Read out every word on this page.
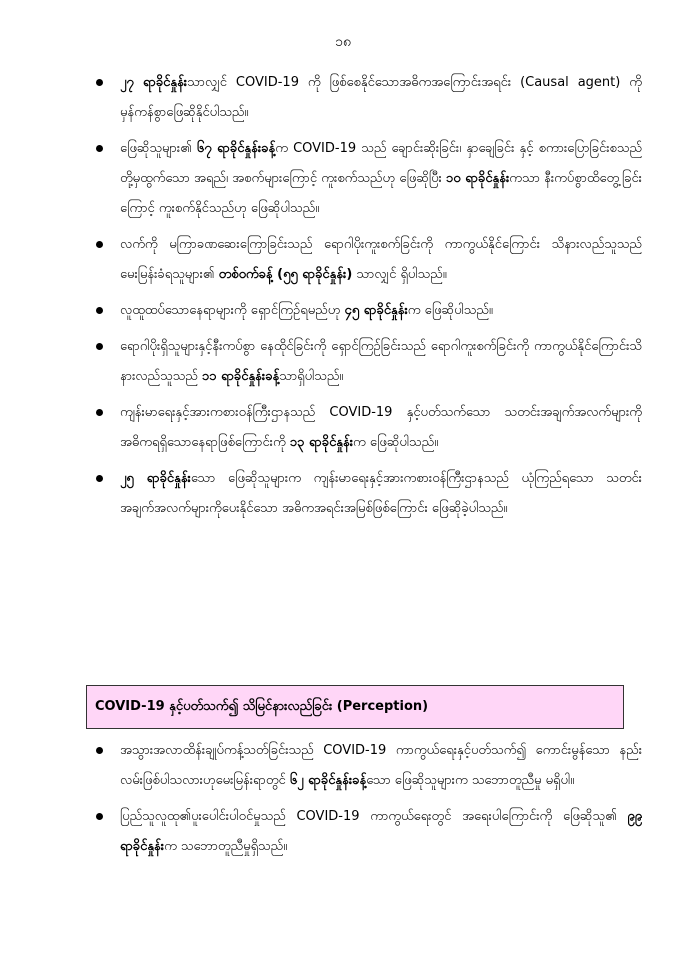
၁၈
၂၇ ရာခိုင်နှုန်းသာလျှင် COVID-19 ကို ဖြစ်စေနိုင်သောအဓိကအကြောင်းအရင်း (Causal agent) ကို မှန်ကန်စွာဖြေဆိုနိုင်ပါသည်။
ဖြေဆိုသူများ၏ ၆၇ ရာခိုင်နှုန်းခန့်က COVID-19 သည် ချောင်းဆိုးခြင်း၊ နှာချေခြင်း နှင့် စကားပြောခြင်းစသည်တို့မှထွက်သော အရည်၊ အစက်များကြောင့် ကူးစက်သည်ဟု ဖြေဆိုပြီး ၁၀ ရာခိုင်နှုန်းကသာ နီးကပ်စွာထိတွေ့ခြင်းကြောင့် ကူးစက်နိုင်သည်ဟု ဖြေဆိုပါသည်။
လက်ကို မကြာခဏဆေးကြောခြင်းသည် ရောဂါပိုးကူးစက်ခြင်းကို ကာကွယ်နိုင်ကြောင်း သိနားလည်သူသည် မေးမြန်းခံရသူများ၏ တစ်ဝက်ခန့် (၅၅ ရာခိုင်နှုန်း) သာလျှင် ရှိပါသည်။
လူထူထပ်သောနေရာများကို ရှောင်ကြဉ်ရမည်ဟု ၄၅ ရာခိုင်နှုန်းက ဖြေဆိုပါသည်။
ရောဂါပိုးရှိသူများနှင့်နီးကပ်စွာ နေထိုင်ခြင်းကို ရှောင်ကြဉ်ခြင်းသည် ရောဂါကူးစက်ခြင်းကို ကာကွယ်နိုင်ကြောင်းသိနားလည်သူသည် ၁၁ ရာခိုင်နှုန်းခန့်သာရှိပါသည်။
ကျန်းမာရေးနှင့်အားကစားဝန်ကြီးဌာနသည် COVID-19 နှင့်ပတ်သက်သော သတင်းအချက်အလက်များကို အဓိကရရှိသောနေရာဖြစ်ကြောင်းကို ၁၃ ရာခိုင်နှုန်းက ဖြေဆိုပါသည်။
၂၅ ရာခိုင်နှုန်းသော ဖြေဆိုသူများက ကျန်းမာရေးနှင့်အားကစားဝန်ကြီးဌာနသည် ယုံကြည်ရသော သတင်းအချက်အလက်များကိုပေးနိုင်သော အဓိကအရင်းအမြစ်ဖြစ်ကြောင်း ဖြေဆိုခဲ့ပါသည်။
COVID-19 နှင့်ပတ်သက်၍ သိမြင်နားလည်ခြင်း (Perception)
အသွားအလာထိန်းချုပ်ကန့်သတ်ခြင်းသည် COVID-19 ကာကွယ်ရေးနှင့်ပတ်သက်၍ ကောင်းမွန်သော နည်းလမ်းဖြစ်ပါသလားဟုမေးမြန်းရာတွင် ၆၂ ရာခိုင်နှုန်းခန့်သော ဖြေဆိုသူများက သဘောတူညီမှု မရှိပါ။
ပြည်သူလူထု၏ပူးပေါင်းပါဝင်မှုသည် COVID-19 ကာကွယ်ရေးတွင် အရေးပါကြောင်းကို ဖြေဆိုသူ၏ ၉၉ ရာခိုင်နှုန်းက သဘောတူညီမှုရှိသည်။
